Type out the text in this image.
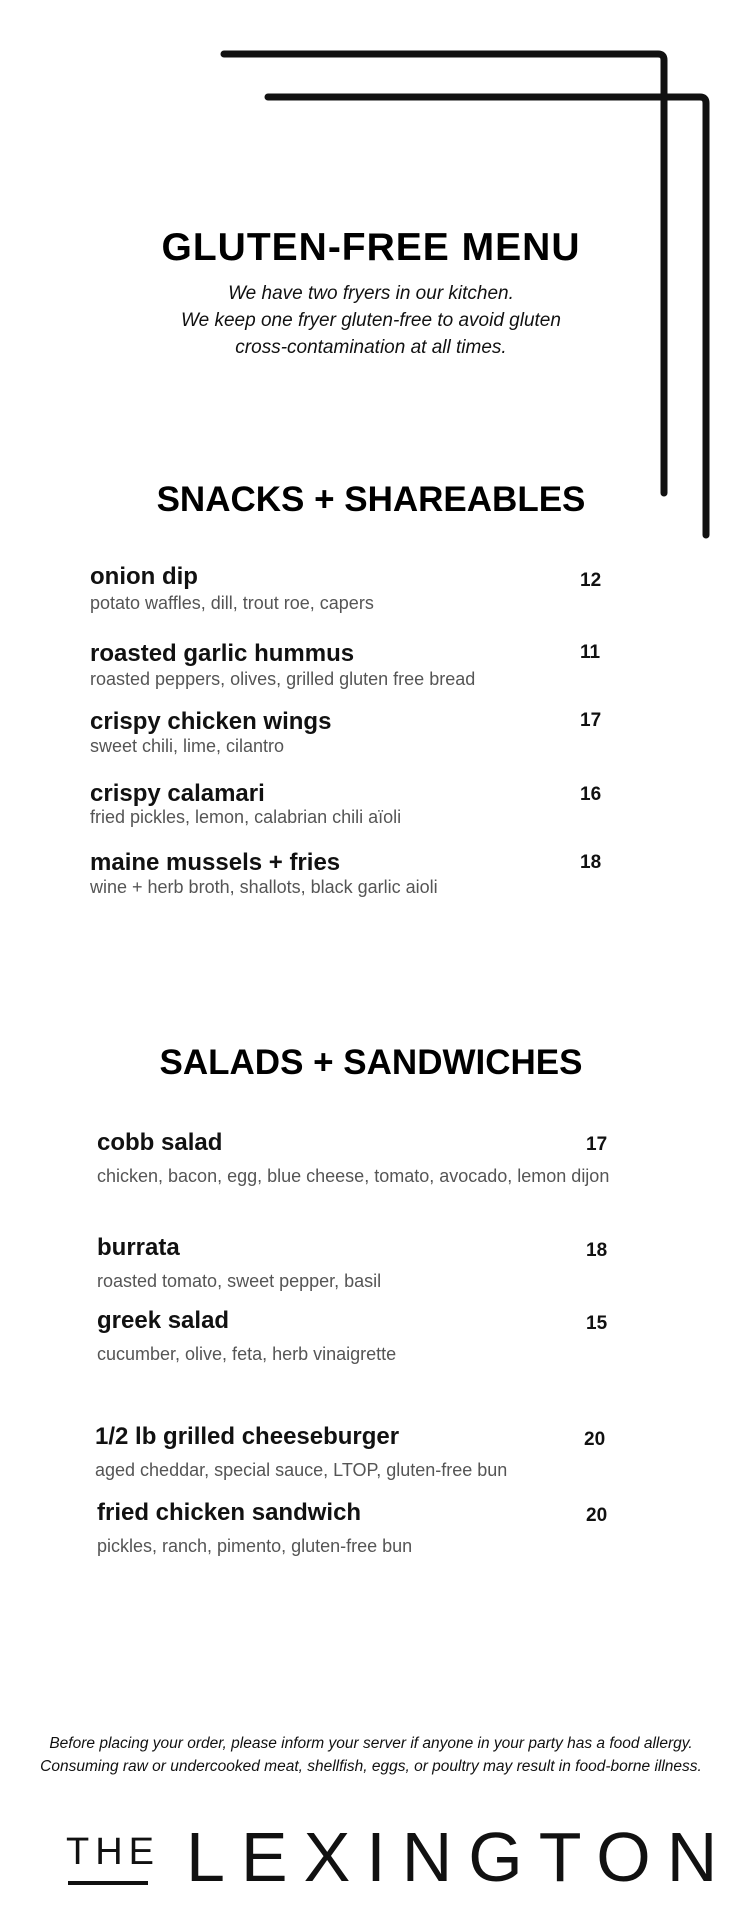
GLUTEN-FREE MENU
We have two fryers in our kitchen.
We keep one fryer gluten-free to avoid gluten
cross-contamination at all times.
SNACKS + SHAREABLES
onion dip
potato waffles, dill, trout roe, capers
12
roasted garlic hummus
roasted peppers, olives, grilled gluten free bread
11
crispy chicken wings
sweet chili, lime, cilantro
17
crispy calamari
fried pickles, lemon, calabrian chili aïoli
16
maine mussels + fries
wine + herb broth, shallots, black garlic aioli
18
SALADS + SANDWICHES
cobb salad
chicken, bacon, egg, blue cheese, tomato, avocado, lemon dijon
17
burrata
roasted tomato, sweet pepper, basil
18
greek salad
cucumber, olive, feta, herb vinaigrette
15
1/2 lb grilled cheeseburger
aged cheddar, special sauce, LTOP, gluten-free bun
20
fried chicken sandwich
pickles, ranch, pimento, gluten-free bun
20
Before placing your order, please inform your server if anyone in your party has a food allergy.
Consuming raw or undercooked meat, shellfish, eggs, or poultry may result in food-borne illness.
THE LEXINGTON
